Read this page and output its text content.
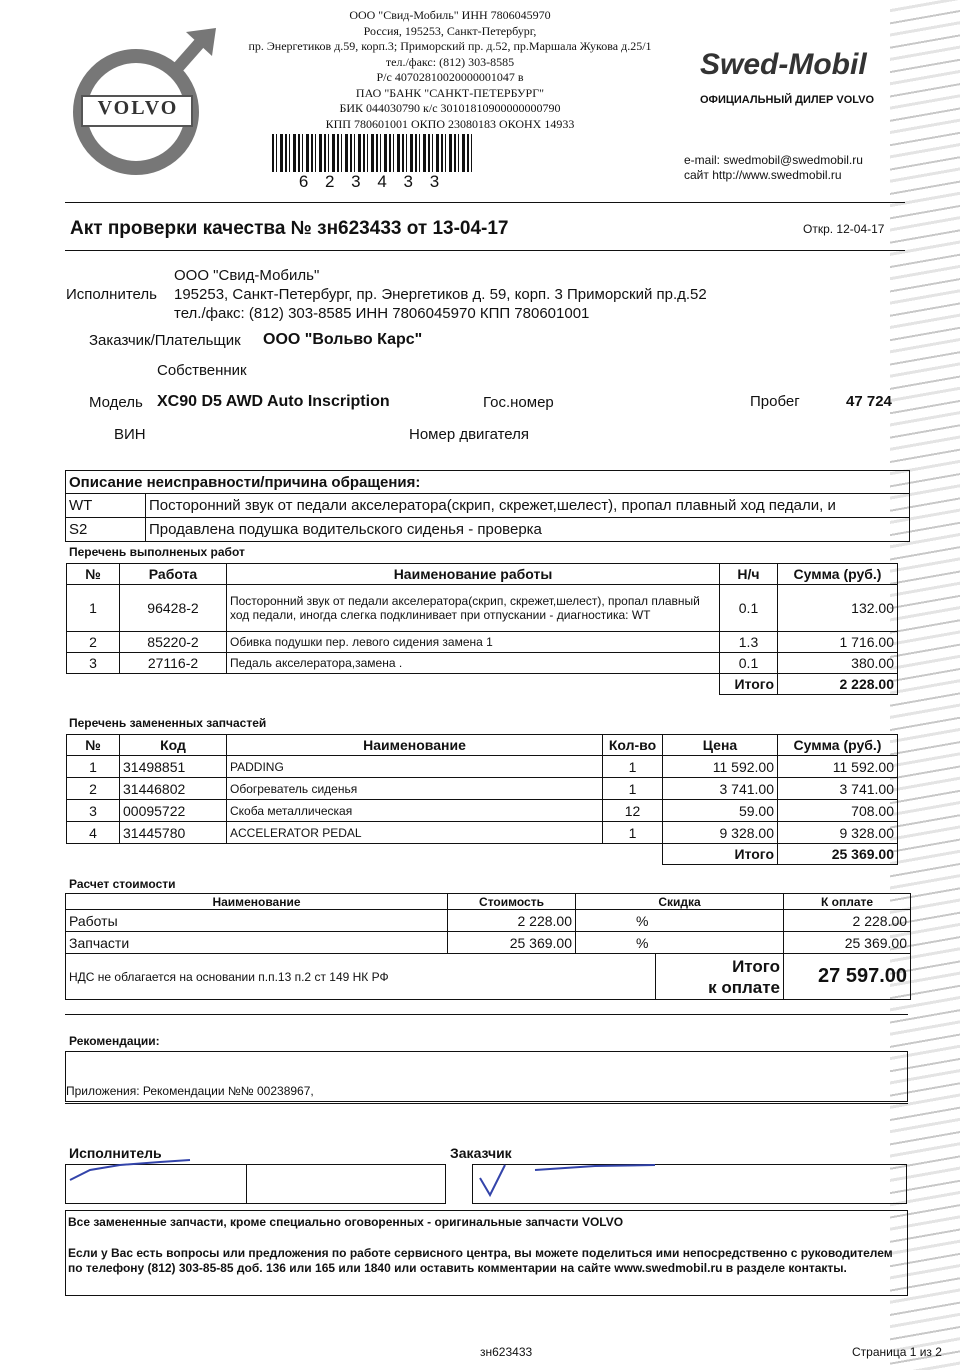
VOLVO
ООО "Свид-Мобиль" ИНН 7806045970
Россия, 195253, Санкт-Петербург,
пр. Энергетиков д.59, корп.3; Приморский пр. д.52, пр.Маршала Жукова д.25/1
тел./факс: (812) 303-8585
Р/с 40702810020000001047 в
ПАО "БАНК "САНКТ-ПЕТЕРБУРГ"
БИК 044030790 к/с 30101810900000000790
КПП 780601001 ОКПО 23080183 ОКОНХ 14933
6 2 3 4 3 3
Swed-Mobil
ОФИЦИАЛЬНЫЙ ДИЛЕР VOLVO
e-mail: swedmobil@swedmobil.ru
сайт http://www.swedmobil.ru
Акт проверки качества № зн623433 от 13-04-17	Откр. 12-04-17
Исполнитель
ООО "Свид-Мобиль"
195253, Санкт-Петербург, пр. Энергетиков д. 59, корп. 3 Приморский пр.д.52
тел./факс: (812) 303-8585 ИНН 7806045970 КПП 780601001
Заказчик/Плательщик ООО "Вольво Карс"
Собственник
Модель XC90 D5 AWD Auto Inscription	Гос.номер	Пробег	47 724
ВИН	Номер двигателя
Описание неисправности/причина обращения:	
WT	Посторонний звук от педали акселератора(скрип, скрежет,шелест), пропал плавный ход педали, и
S2	Продавлена подушка водительского сиденья - проверка
Перечень выполненых работ
№	Работа	Наименование работы	Н/ч	Сумма (руб.)
1	96428-2	Посторонний звук от педали акселератора(скрип, скрежет,шелест), пропал плавный ход педали, иногда слегка подклинивает при отпускании - диагностика: WT	0.1	132.00
2	85220-2	Обивка подушки пер. левого сидения замена 1	1.3	1 716.00
3	27116-2	Педаль акселератора,замена .	0.1	380.00
			Итого	2 228.00
Перечень замененных запчастей
№	Код	Наименование	Кол-во	Цена	Сумма (руб.)
1	31498851	PADDING	1	11 592.00	11 592.00
2	31446802	Обогреватель сиденья	1	3 741.00	3 741.00
3	00095722	Скоба металлическая	12	59.00	708.00
4	31445780	ACCELERATOR PEDAL	1	9 328.00	9 328.00
				Итого	25 369.00
Расчет стоимости
Наименование	Стоимость	Скидка		К оплате
Работы	2 228.00	%		2 228.00
Запчасти	25 369.00	%		25 369.00
НДС не облагается на основании п.п.13 п.2 ст 149 НК РФ			Итого
к оплате	27 597.00
Рекомендации:
Приложения: Рекомендации №№ 00238967,
Исполнитель	Заказчик
Все замененные запчасти, кроме специально оговоренных - оригинальные запчасти VOLVO
Если у Вас есть вопросы или предложения по работе сервисного центра, вы можете поделиться ими непосредственно с руководителем по телефону (812) 303-85-85 доб. 136 или 165 или 1840 или оставить комментарии на сайте www.swedmobil.ru в разделе контакты.
зн623433	Страница 1 из 2
